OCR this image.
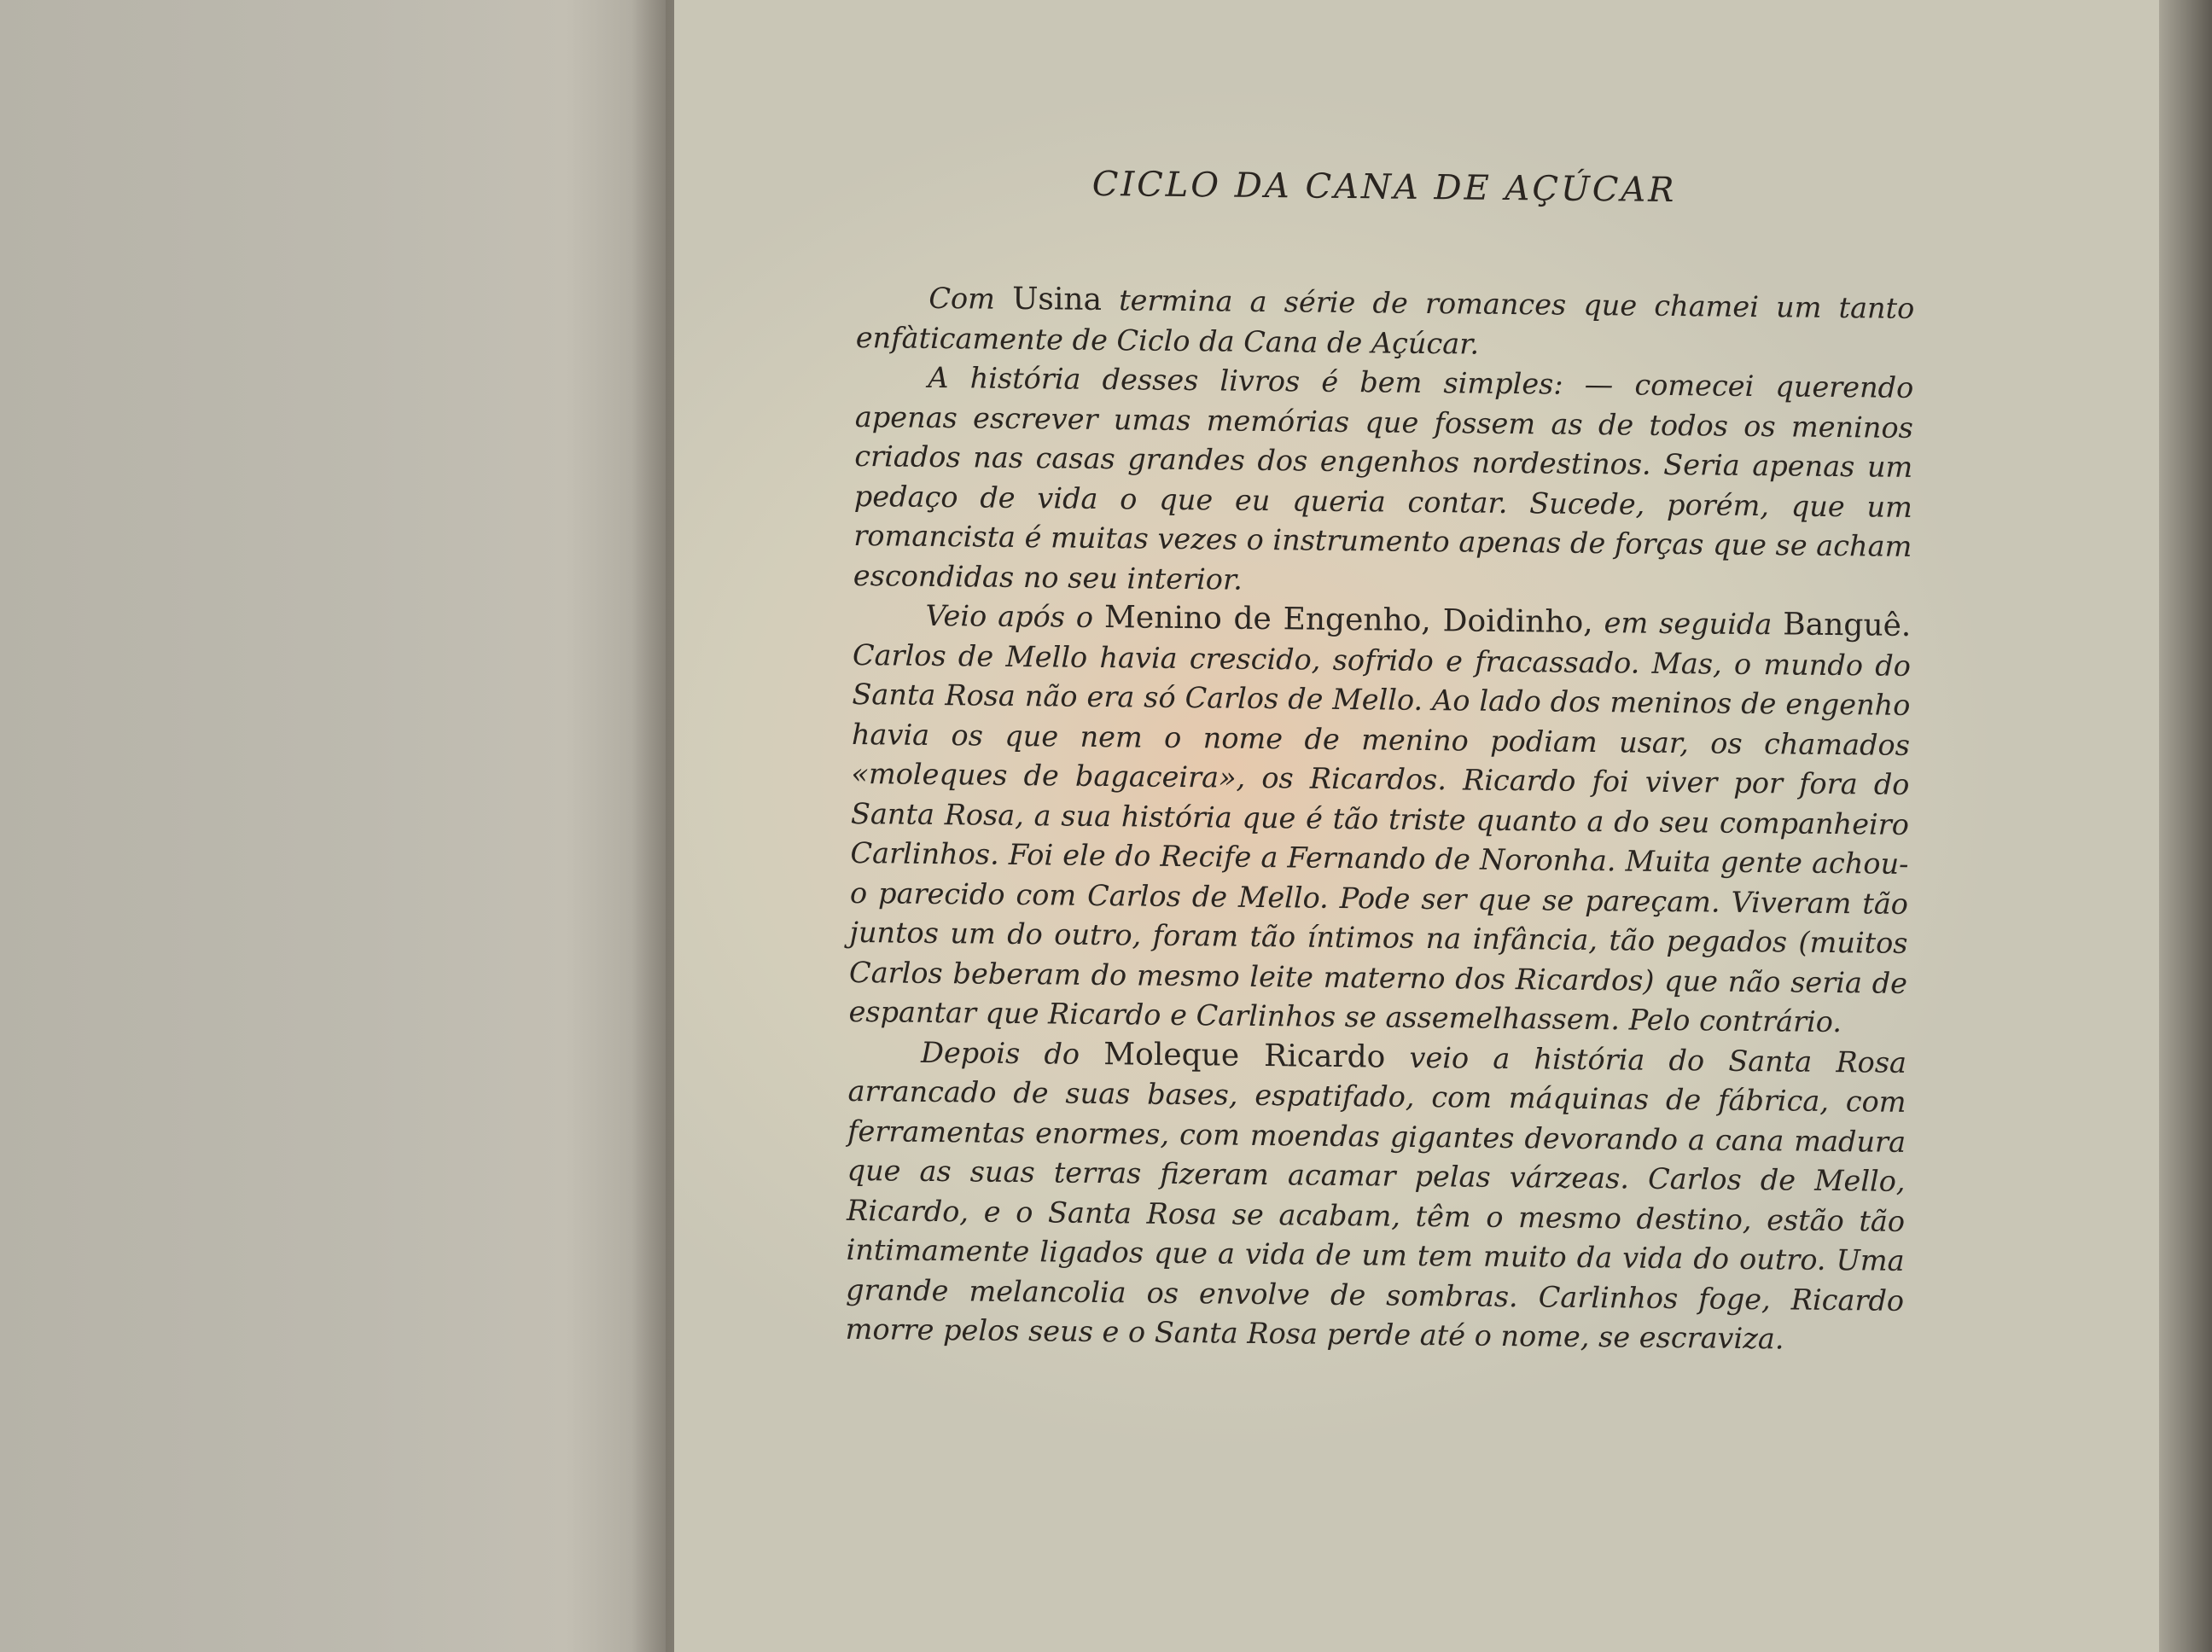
CICLO DA CANA DE AÇÚCAR

Com Usina termina a série de romances que chamei um tanto enfàticamente de Ciclo da Cana de Açúcar.

A história desses livros é bem simples: — comecei querendo apenas escrever umas memórias que fossem as de todos os meninos criados nas casas grandes dos engenhos nordestinos. Seria apenas um pedaço de vida o que eu queria contar. Sucede, porém, que um romancista é muitas vezes o instrumento apenas de forças que se acham escondidas no seu interior.

Veio após o Menino de Engenho, Doidinho, em seguida Banguê. Carlos de Mello havia crescido, sofrido e fracassado. Mas, o mundo do Santa Rosa não era só Carlos de Mello. Ao lado dos meninos de engenho havia os que nem o nome de menino podiam usar, os chamados «moleques de bagaceira», os Ricardos. Ricardo foi viver por fora do Santa Rosa, a sua história que é tão triste quanto a do seu companheiro Carlinhos. Foi ele do Recife a Fernando de Noronha. Muita gente achou-o parecido com Carlos de Mello. Pode ser que se pareçam. Viveram tão juntos um do outro, foram tão íntimos na infância, tão pegados (muitos Carlos beberam do mesmo leite materno dos Ricardos) que não seria de espantar que Ricardo e Carlinhos se assemelhassem. Pelo contrário.

Depois do Moleque Ricardo veio a história do Santa Rosa arrancado de suas bases, espatifado, com máquinas de fábrica, com ferramentas enormes, com moendas gigantes devorando a cana madura que as suas terras fizeram acamar pelas várzeas. Carlos de Mello, Ricardo, e o Santa Rosa se acabam, têm o mesmo destino, estão tão intimamente ligados que a vida de um tem muito da vida do outro. Uma grande melancolia os envolve de sombras. Carlinhos foge, Ricardo morre pelos seus e o Santa Rosa perde até o nome, se escraviza.
